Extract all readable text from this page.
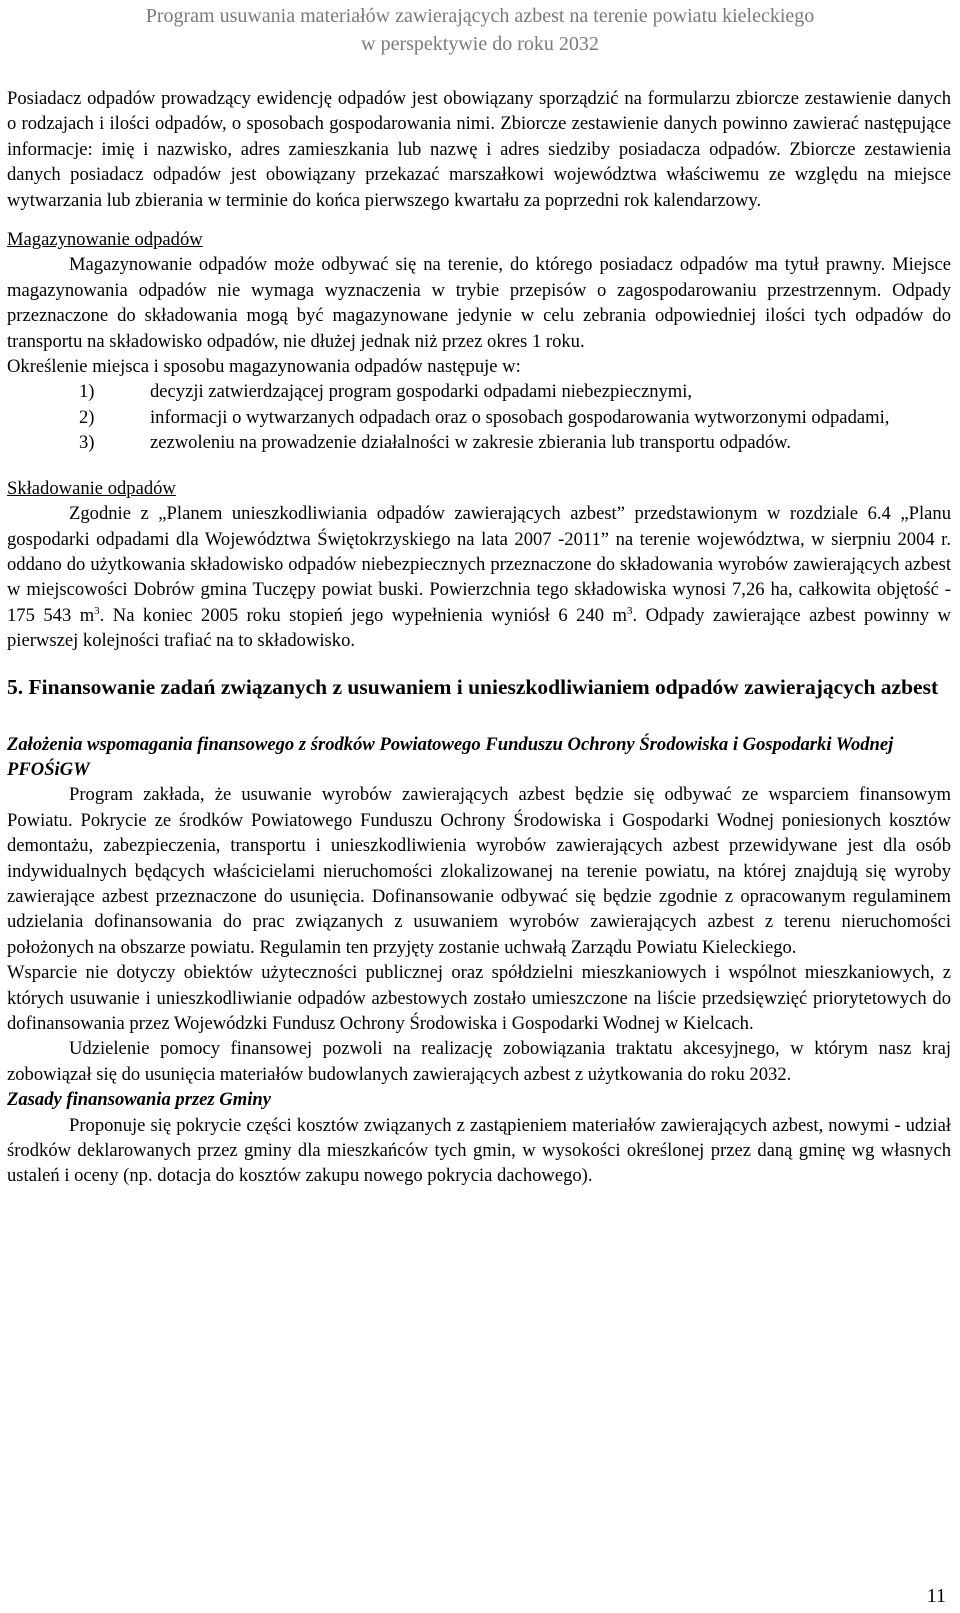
Program usuwania materiałów zawierających azbest na terenie powiatu kieleckiego
w perspektywie do roku 2032

Posiadacz odpadów prowadzący ewidencję odpadów jest obowiązany sporządzić na formularzu zbiorcze zestawienie danych o rodzajach i ilości odpadów, o sposobach gospodarowania nimi. Zbiorcze zestawienie danych powinno zawierać następujące informacje: imię i nazwisko, adres zamieszkania lub nazwę i adres siedziby posiadacza odpadów. Zbiorcze zestawienia danych posiadacz odpadów jest obowiązany przekazać marszałkowi województwa właściwemu ze względu na miejsce wytwarzania lub zbierania w terminie do końca pierwszego kwartału za poprzedni rok kalendarzowy.

Magazynowanie odpadów

Magazynowanie odpadów może odbywać się na terenie, do którego posiadacz odpadów ma tytuł prawny. Miejsce magazynowania odpadów nie wymaga wyznaczenia w trybie przepisów o zagospodarowaniu przestrzennym. Odpady przeznaczone do składowania mogą być magazynowane jedynie w celu zebrania odpowiedniej ilości tych odpadów do transportu na składowisko odpadów, nie dłużej jednak niż przez okres 1 roku.

Określenie miejsca i sposobu magazynowania odpadów następuje w:

1)	decyzji zatwierdzającej program gospodarki odpadami niebezpiecznymi,
2)	informacji o wytwarzanych odpadach oraz o sposobach gospodarowania wytworzonymi odpadami,
3)	zezwoleniu na prowadzenie działalności w zakresie zbierania lub transportu odpadów.

Składowanie odpadów

Zgodnie z „Planem unieszkodliwiania odpadów zawierających azbest” przedstawionym w rozdziale 6.4 „Planu gospodarki odpadami dla Województwa Świętokrzyskiego na lata 2007 -2011” na terenie województwa, w sierpniu 2004 r. oddano do użytkowania składowisko odpadów niebezpiecznych przeznaczone do składowania wyrobów zawierających azbest w miejscowości Dobrów gmina Tuczępy powiat buski. Powierzchnia tego składowiska wynosi 7,26 ha, całkowita objętość - 175 543 $m^3$. Na koniec 2005 roku stopień jego wypełnienia wyniósł 6 240 $m^3$. Odpady zawierające azbest powinny w pierwszej kolejności trafiać na to składowisko.

5. Finansowanie zadań związanych z usuwaniem i unieszkodliwianiem odpadów zawierających azbest

Założenia wspomagania finansowego z środków Powiatowego Funduszu Ochrony Środowiska i Gospodarki Wodnej PFOŚiGW

Program zakłada, że usuwanie wyrobów zawierających azbest będzie się odbywać ze wsparciem finansowym Powiatu. Pokrycie ze środków Powiatowego Funduszu Ochrony Środowiska i Gospodarki Wodnej poniesionych kosztów demontażu, zabezpieczenia, transportu i unieszkodliwienia wyrobów zawierających azbest przewidywane jest dla osób indywidualnych będących właścicielami nieruchomości zlokalizowanej na terenie powiatu, na której znajdują się wyroby zawierające azbest przeznaczone do usunięcia. Dofinansowanie odbywać się będzie zgodnie z opracowanym regulaminem udzielania dofinansowania do prac związanych z usuwaniem wyrobów zawierających azbest z terenu nieruchomości położonych na obszarze powiatu. Regulamin ten przyjęty zostanie uchwałą Zarządu Powiatu Kieleckiego.

Wsparcie nie dotyczy obiektów użyteczności publicznej oraz spółdzielni mieszkaniowych i wspólnot mieszkaniowych, z których usuwanie i unieszkodliwianie odpadów azbestowych zostało umieszczone na liście przedsięwzięć priorytetowych do dofinansowania przez Wojewódzki Fundusz Ochrony Środowiska i Gospodarki Wodnej w Kielcach.

Udzielenie pomocy finansowej pozwoli na realizację zobowiązania traktatu akcesyjnego, w którym nasz kraj zobowiązał się do usunięcia materiałów budowlanych zawierających azbest z użytkowania do roku 2032.

Zasady finansowania przez Gminy

Proponuje się pokrycie części kosztów związanych z zastąpieniem materiałów zawierających azbest, nowymi - udział środków deklarowanych przez gminy dla mieszkańców tych gmin, w wysokości określonej przez daną gminę wg własnych ustaleń i oceny (np. dotacja do kosztów zakupu nowego pokrycia dachowego).

11
